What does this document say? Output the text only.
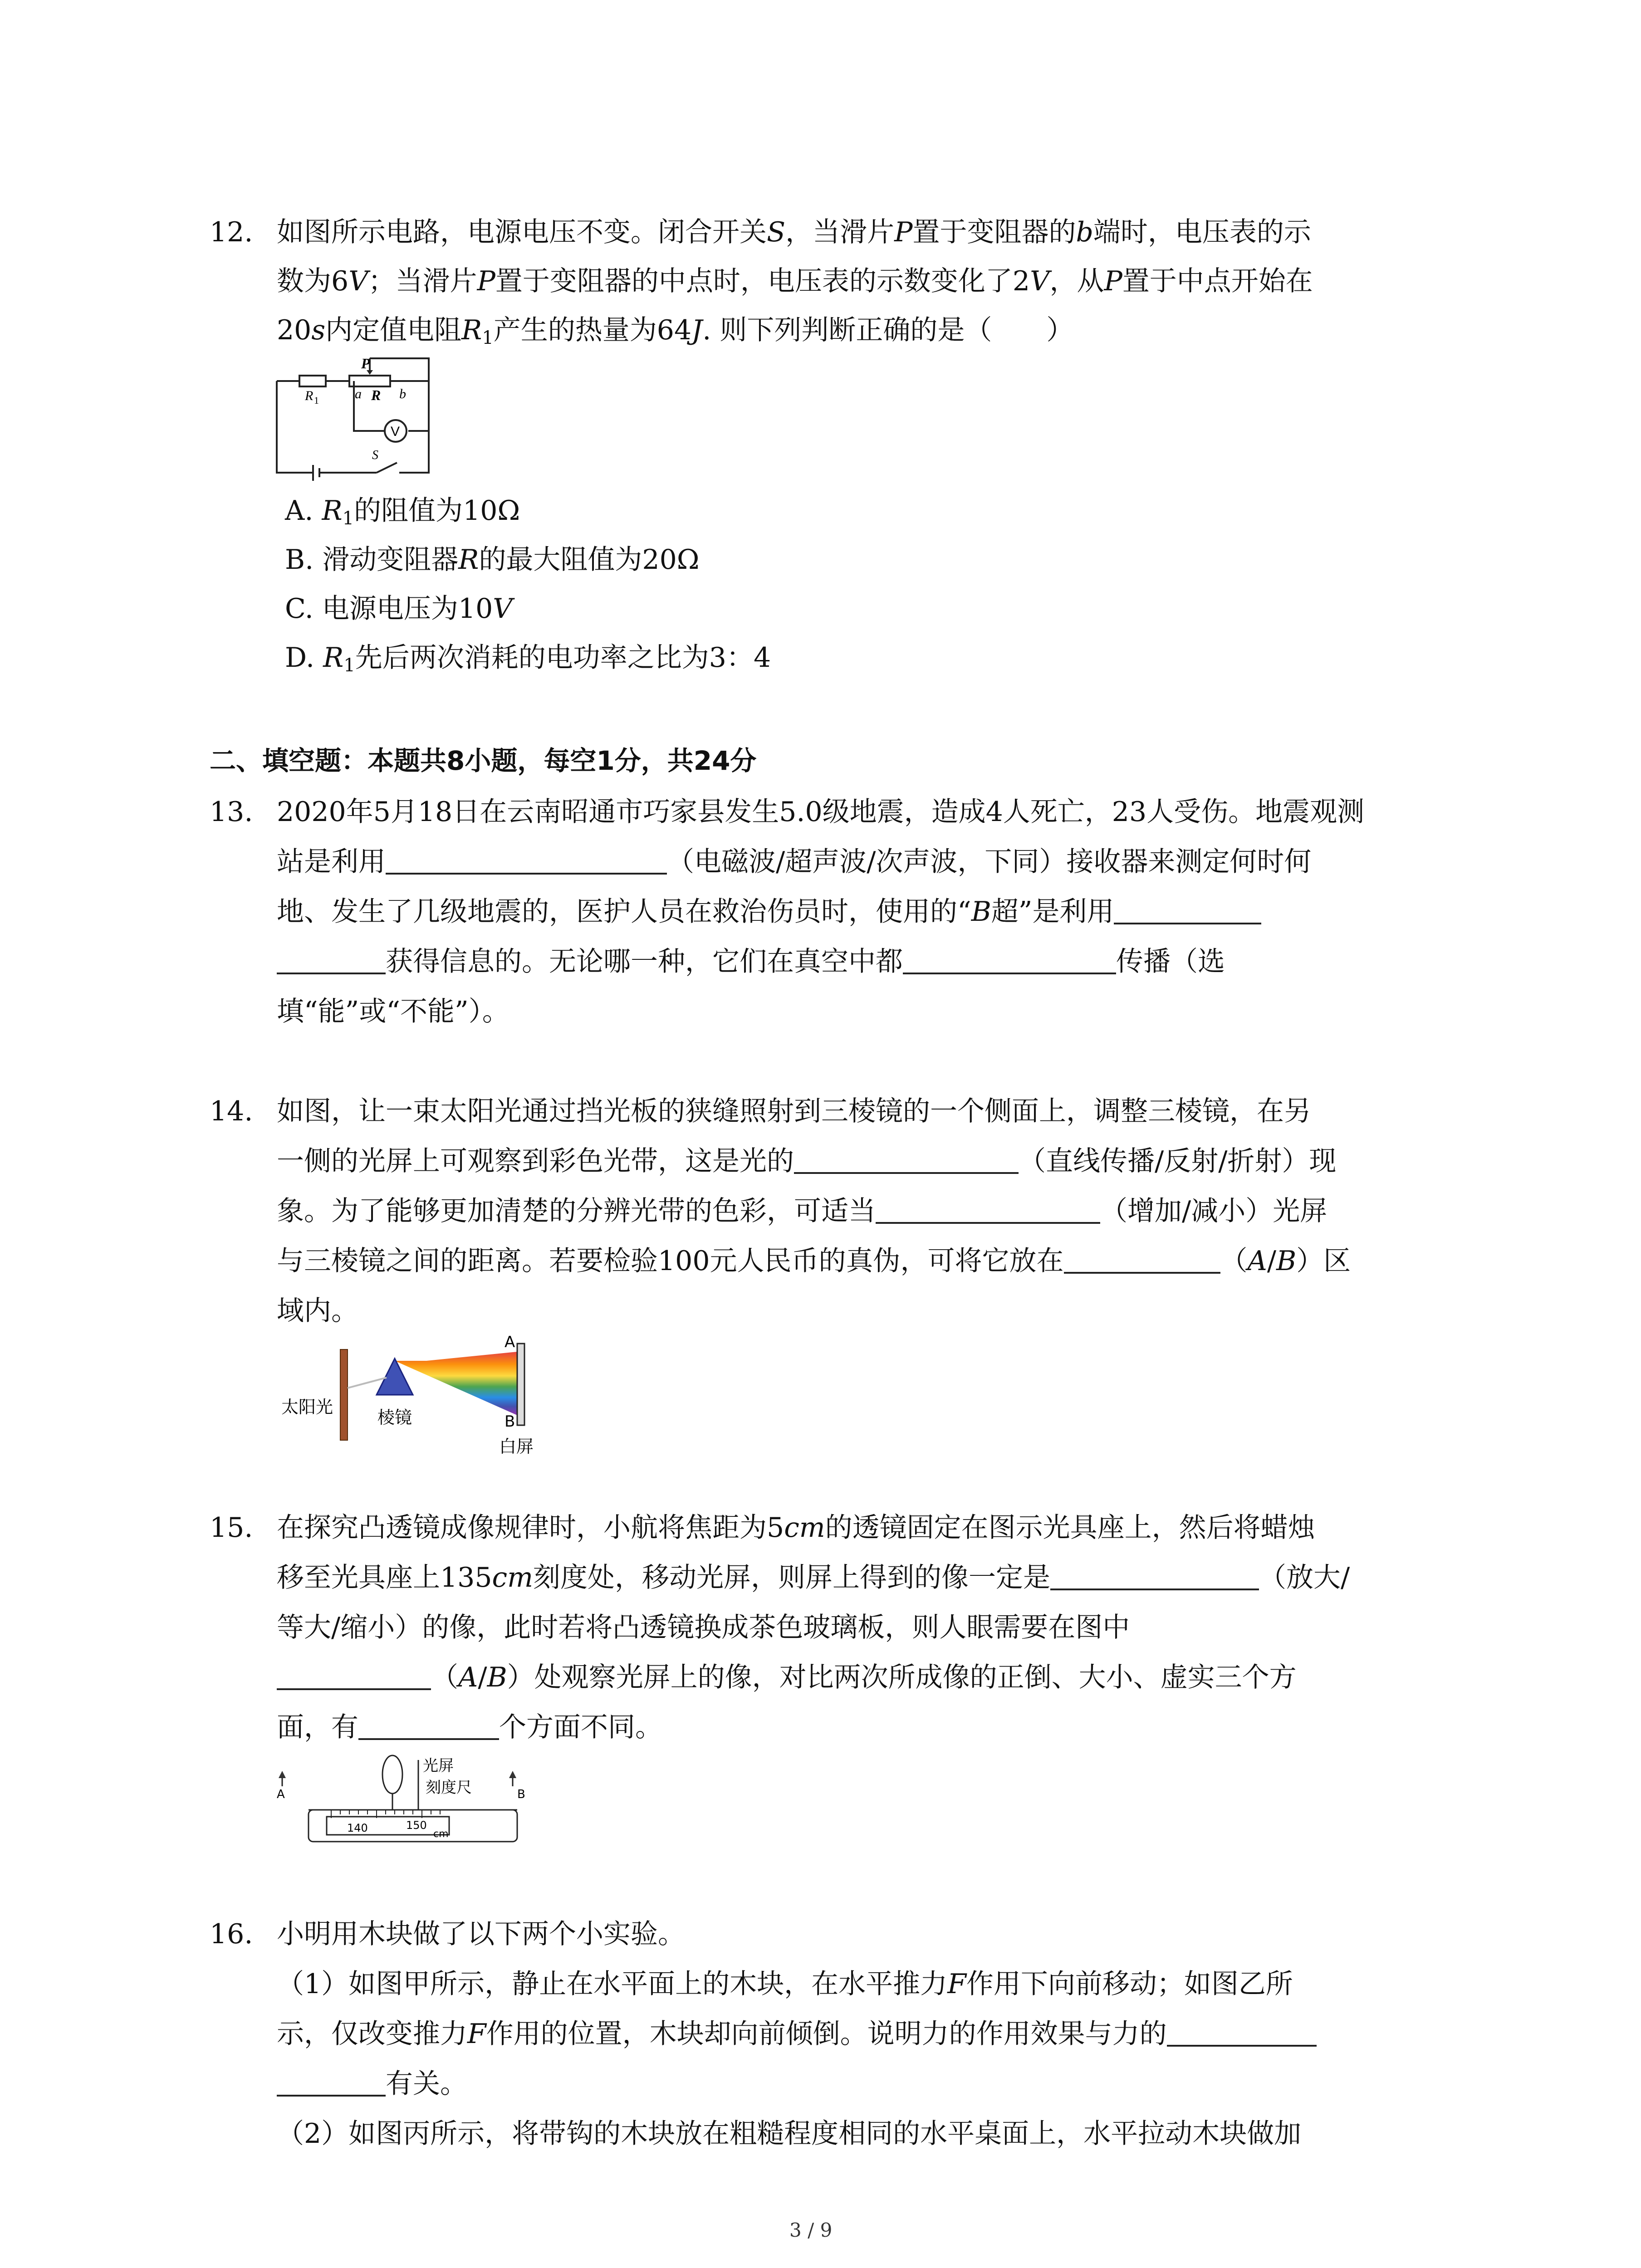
12. 如图所示电路，电源电压不变。闭合开关S，当滑片P置于变阻器的b端时，电压表的示
数为6V；当滑片P置于变阻器的中点时，电压表的示数变化了2V，从P置于中点开始在
20s内定值电阻$R_1$产生的热量为64J. 则下列判断正确的是（　　）
R 1
P
a R b
V
S
A. $R_1$的阻值为10Ω
B. 滑动变阻器R的最大阻值为20Ω
C. 电源电压为10V
D. $R_1$先后两次消耗的电功率之比为3：4
二、填空题：本题共8小题，每空1分，共24分
13. 2020年5月18日在云南昭通市巧家县发生5.0级地震，造成4人死亡，23人受伤。地震观测
站是利用	（电磁波/超声波/次声波，下同）接收器来测定何时何
地、发生了几级地震的，医护人员在救治伤员时，使用的“B超”是利用
获得信息的。无论哪一种，它们在真空中都	传播（选
填“能”或“不能”）。
14. 如图，让一束太阳光通过挡光板的狭缝照射到三棱镜的一个侧面上，调整三棱镜，在另
一侧的光屏上可观察到彩色光带，这是光的	（直线传播/反射/折射）现
象。为了能够更加清楚的分辨光带的色彩，可适当	（增加/减小）光屏
与三棱镜之间的距离。若要检验100元人民币的真伪，可将它放在	（A/B）区
域内。
太阳光
棱镜
A
B
白屏
15. 在探究凸透镜成像规律时，小航将焦距为5cm的透镜固定在图示光具座上，然后将蜡烛
移至光具座上135cm刻度处，移动光屏，则屏上得到的像一定是	（放大/
等大/缩小）的像，此时若将凸透镜换成茶色玻璃板，则人眼需要在图中
（A/B）处观察光屏上的像，对比两次所成像的正倒、大小、虚实三个方
面，有	个方面不同。
光屏
刻度尺
A	B
140	150
cm
16. 小明用木块做了以下两个小实验。
（1）如图甲所示，静止在水平面上的木块，在水平推力F作用下向前移动；如图乙所
示，仅改变推力F作用的位置，木块却向前倾倒。说明力的作用效果与力的
有关。
（2）如图丙所示，将带钩的木块放在粗糙程度相同的水平桌面上，水平拉动木块做加
3 / 9
